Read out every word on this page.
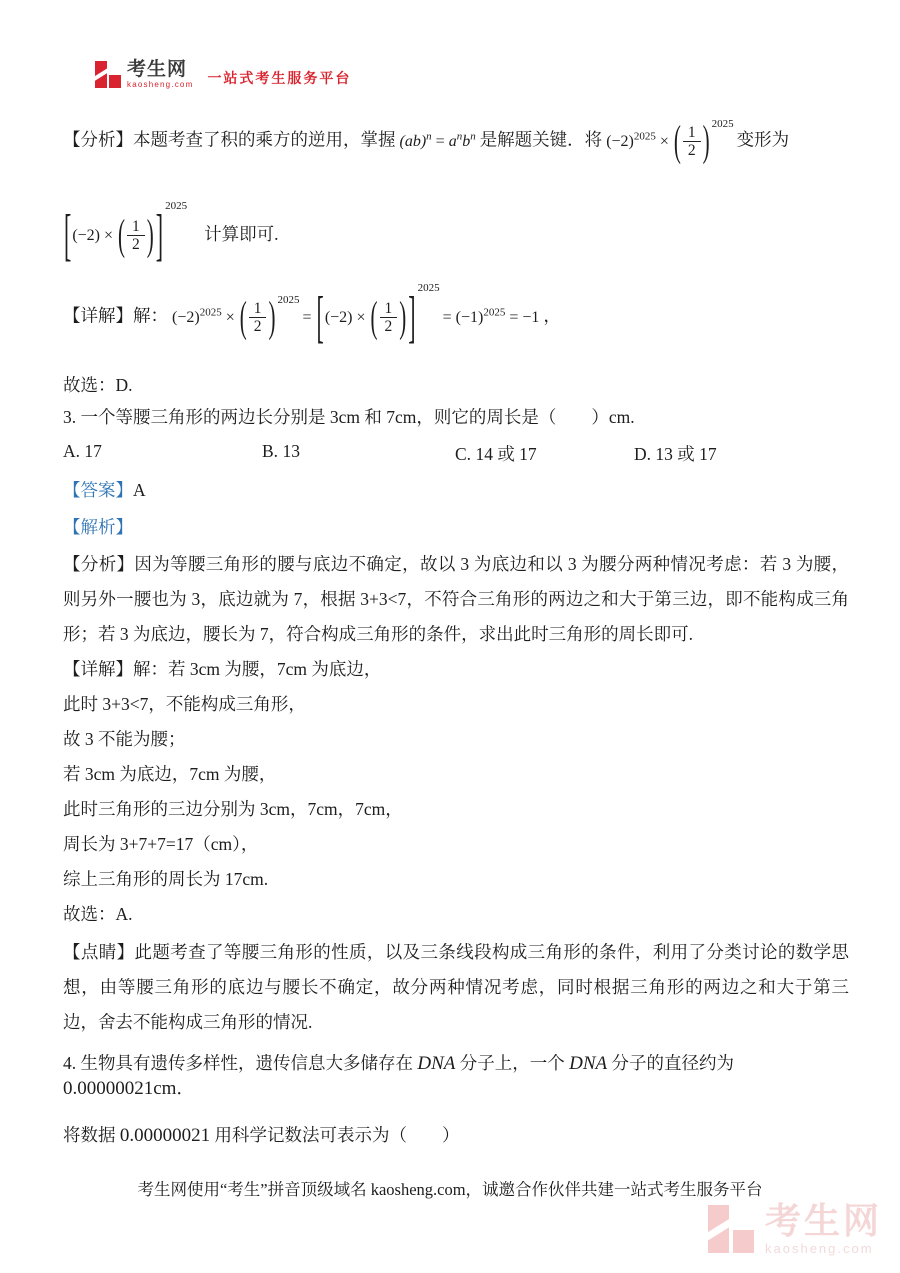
考生网
kaosheng.com 一站式考生服务平台
【分析】本题考查了积的乘方的逆用，掌握 $(ab)^n = a^nb^n$ 是解题关键．将 $(-2)^{2025}$ × ( $\frac{1}{2}$ ) $^{2025}$ 变形为
[(−2) × ( $\frac{1}{2}$ )] $^{2025}$ 计算即可.
【详解】解： $(-2)^{2025}$ × ( $\frac{1}{2}$ ) $^{2025}$= [(−2) × ( $\frac{1}{2}$ )] $^{2025}= (-1)^{2025} = -1$ ，
故选：D.
3. 一个等腰三角形的两边长分别是 3cm 和 7cm，则它的周长是（　　）cm.
A. 17	B. 13	C. 14 或 17	D. 13 或 17
【答案】A
【解析】

【分析】因为等腰三角形的腰与底边不确定，故以 3 为底边和以 3 为腰分两种情况考虑：若 3 为腰，则另外一腰也为 3，底边就为 7，根据 3+3<7，不符合三角形的两边之和大于第三边，即不能构成三角形；若 3 为底边，腰长为 7，符合构成三角形的条件，求出此时三角形的周长即可.

【详解】解：若 3cm 为腰，7cm 为底边，

此时 3+3<7，不能构成三角形，

故 3 不能为腰；

若 3cm 为底边，7cm 为腰，

此时三角形的三边分别为 3cm，7cm，7cm，

周长为 3+7+7=17（cm），

综上三角形的周长为 17cm.

故选：A.

【点睛】此题考查了等腰三角形的性质，以及三条线段构成三角形的条件，利用了分类讨论的数学思想，由等腰三角形的底边与腰长不确定，故分两种情况考虑，同时根据三角形的两边之和大于第三边，舍去不能构成三角形的情况.

4. 生物具有遗传多样性，遗传信息大多储存在 DNA 分子上，一个 DNA 分子的直径约为0.00000021cm．
将数据 0.00000021 用科学记数法可表示为（　　）
考生网使用“考生”拼音顶级域名 kaosheng.com，诚邀合作伙伴共建一站式考生服务平台
考生网
kaosheng.com
